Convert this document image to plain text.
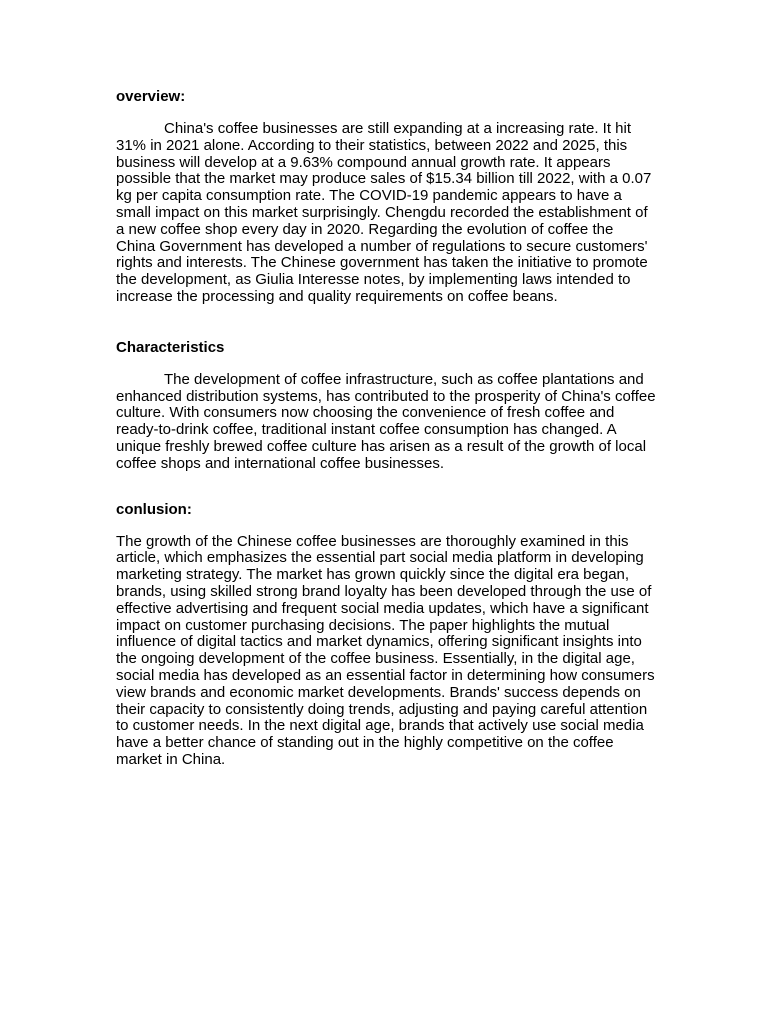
overview:

China's coffee businesses are still expanding at a increasing rate. It hit 31% in 2021 alone. According to their statistics, between 2022 and 2025, this business will develop at a 9.63% compound annual growth rate. It appears possible that the market may produce sales of $15.34 billion till 2022, with a 0.07 kg per capita consumption rate. The COVID-19 pandemic appears to have a small impact on this market surprisingly. Chengdu recorded the establishment of a new coffee shop every day in 2020. Regarding the evolution of coffee the China Government has developed a number of regulations to secure customers' rights and interests. The Chinese government has taken the initiative to promote the development, as Giulia Interesse notes, by implementing laws intended to increase the processing and quality requirements on coffee beans.

Characteristics

The development of coffee infrastructure, such as coffee plantations and enhanced distribution systems, has contributed to the prosperity of China's coffee culture. With consumers now choosing the convenience of fresh coffee and ready-to-drink coffee, traditional instant coffee consumption has changed. A unique freshly brewed coffee culture has arisen as a result of the growth of local coffee shops and international coffee businesses.

conlusion:

The growth of the Chinese coffee businesses are thoroughly examined in this article, which emphasizes the essential part social media platform in developing marketing strategy. The market has grown quickly since the digital era began, brands, using skilled strong brand loyalty has been developed through the use of effective advertising and frequent social media updates, which have a significant impact on customer purchasing decisions. The paper highlights the mutual influence of digital tactics and market dynamics, offering significant insights into the ongoing development of the coffee business. Essentially, in the digital age, social media has developed as an essential factor in determining how consumers view brands and economic market developments. Brands' success depends on their capacity to consistently doing trends, adjusting and paying careful attention to customer needs. In the next digital age, brands that actively use social media have a better chance of standing out in the highly competitive on the coffee market in China.
